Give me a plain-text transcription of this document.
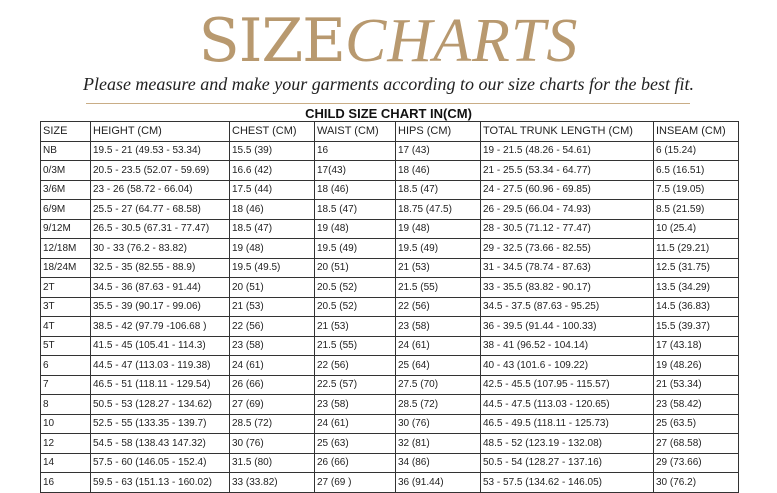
SIZECHARTS
Please measure and make your garments according to our size charts for the best fit.
CHILD SIZE CHART IN(CM)
SIZE	HEIGHT (CM)	CHEST (CM)	WAIST (CM)	HIPS (CM)	TOTAL TRUNK LENGTH (CM)	INSEAM (CM)
NB	19.5 - 21 (49.53 - 53.34)	15.5 (39)	16	17 (43)	19 - 21.5 (48.26 - 54.61)	6 (15.24)
0/3M	20.5 - 23.5 (52.07 - 59.69)	16.6 (42)	17(43)	18 (46)	21 - 25.5 (53.34 - 64.77)	6.5 (16.51)
3/6M	23 - 26 (58.72 - 66.04)	17.5 (44)	18 (46)	18.5 (47)	24 - 27.5 (60.96 - 69.85)	7.5 (19.05)
6/9M	25.5 - 27 (64.77 - 68.58)	18 (46)	18.5 (47)	18.75 (47.5)	26 - 29.5 (66.04 - 74.93)	8.5 (21.59)
9/12M	26.5 - 30.5 (67.31 - 77.47)	18.5 (47)	19 (48)	19 (48)	28 - 30.5 (71.12 - 77.47)	10 (25.4)
12/18M	30 - 33 (76.2 - 83.82)	19 (48)	19.5 (49)	19.5 (49)	29 - 32.5 (73.66 - 82.55)	11.5 (29.21)
18/24M	32.5 - 35 (82.55 - 88.9)	19.5 (49.5)	20 (51)	21 (53)	31 - 34.5 (78.74 - 87.63)	12.5 (31.75)
2T	34.5 - 36 (87.63 - 91.44)	20 (51)	20.5 (52)	21.5 (55)	33 - 35.5 (83.82 - 90.17)	13.5 (34.29)
3T	35.5 - 39 (90.17 - 99.06)	21 (53)	20.5 (52)	22 (56)	34.5 - 37.5 (87.63 - 95.25)	14.5 (36.83)
4T	38.5 - 42 (97.79 -106.68 )	22 (56)	21 (53)	23 (58)	36 - 39.5 (91.44 - 100.33)	15.5 (39.37)
5T	41.5 - 45 (105.41 - 114.3)	23 (58)	21.5 (55)	24 (61)	38 - 41 (96.52 - 104.14)	17 (43.18)
6	44.5 - 47 (113.03 - 119.38)	24 (61)	22 (56)	25 (64)	40 - 43 (101.6 - 109.22)	19 (48.26)
7	46.5 - 51 (118.11 - 129.54)	26 (66)	22.5 (57)	27.5 (70)	42.5 - 45.5 (107.95 - 115.57)	21 (53.34)
8	50.5 - 53 (128.27 - 134.62)	27 (69)	23 (58)	28.5 (72)	44.5 - 47.5 (113.03 - 120.65)	23 (58.42)
10	52.5 - 55 (133.35 - 139.7)	28.5 (72)	24 (61)	30 (76)	46.5 - 49.5 (118.11 - 125.73)	25 (63.5)
12	54.5 - 58 (138.43 147.32)	30 (76)	25 (63)	32 (81)	48.5 - 52 (123.19 - 132.08)	27 (68.58)
14	57.5 - 60 (146.05 - 152.4)	31.5 (80)	26 (66)	34 (86)	50.5 - 54 (128.27 - 137.16)	29 (73.66)
16	59.5 - 63 (151.13 - 160.02)	33 (33.82)	27 (69 )	36 (91.44)	53 - 57.5 (134.62 - 146.05)	30 (76.2)
